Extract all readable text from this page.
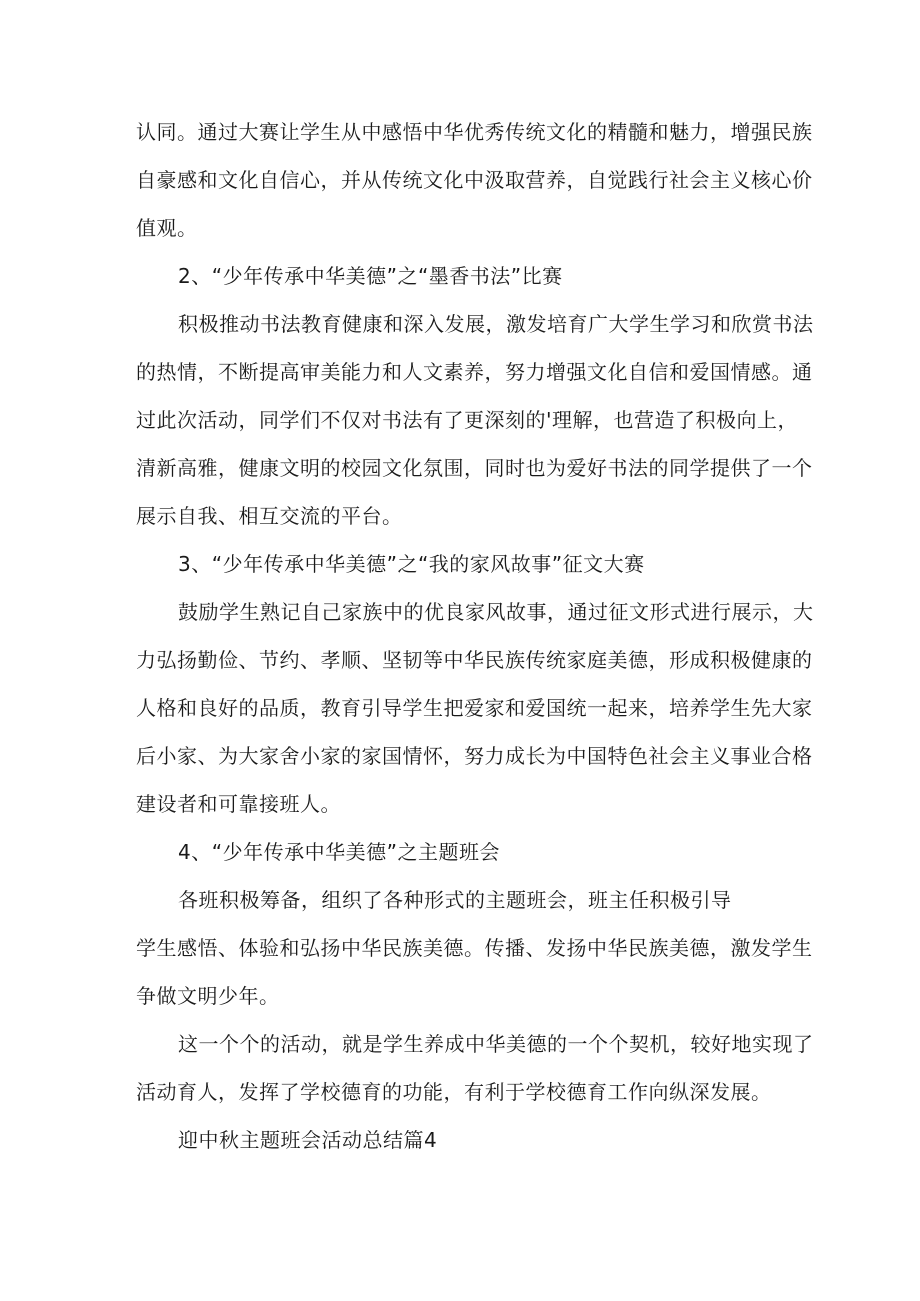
认同。通过大赛让学生从中感悟中华优秀传统文化的精髓和魅力，增强民族
自豪感和文化自信心，并从传统文化中汲取营养，自觉践行社会主义核心价
值观。
2、“少年传承中华美德”之“墨香书法”比赛
积极推动书法教育健康和深入发展，激发培育广大学生学习和欣赏书法
的热情，不断提高审美能力和人文素养，努力增强文化自信和爱国情感。通
过此次活动，同学们不仅对书法有了更深刻的'理解，也营造了积极向上，
清新高雅，健康文明的校园文化氛围，同时也为爱好书法的同学提供了一个
展示自我、相互交流的平台。
3、“少年传承中华美德”之“我的家风故事”征文大赛
鼓励学生熟记自己家族中的优良家风故事，通过征文形式进行展示，大
力弘扬勤俭、节约、孝顺、坚韧等中华民族传统家庭美德，形成积极健康的
人格和良好的品质，教育引导学生把爱家和爱国统一起来，培养学生先大家
后小家、为大家舍小家的家国情怀，努力成长为中国特色社会主义事业合格
建设者和可靠接班人。
4、“少年传承中华美德”之主题班会
各班积极筹备，组织了各种形式的主题班会，班主任积极引导
学生感悟、体验和弘扬中华民族美德。传播、发扬中华民族美德，激发学生
争做文明少年。
这一个个的活动，就是学生养成中华美德的一个个契机，较好地实现了
活动育人，发挥了学校德育的功能，有利于学校德育工作向纵深发展。
迎中秋主题班会活动总结篇4
